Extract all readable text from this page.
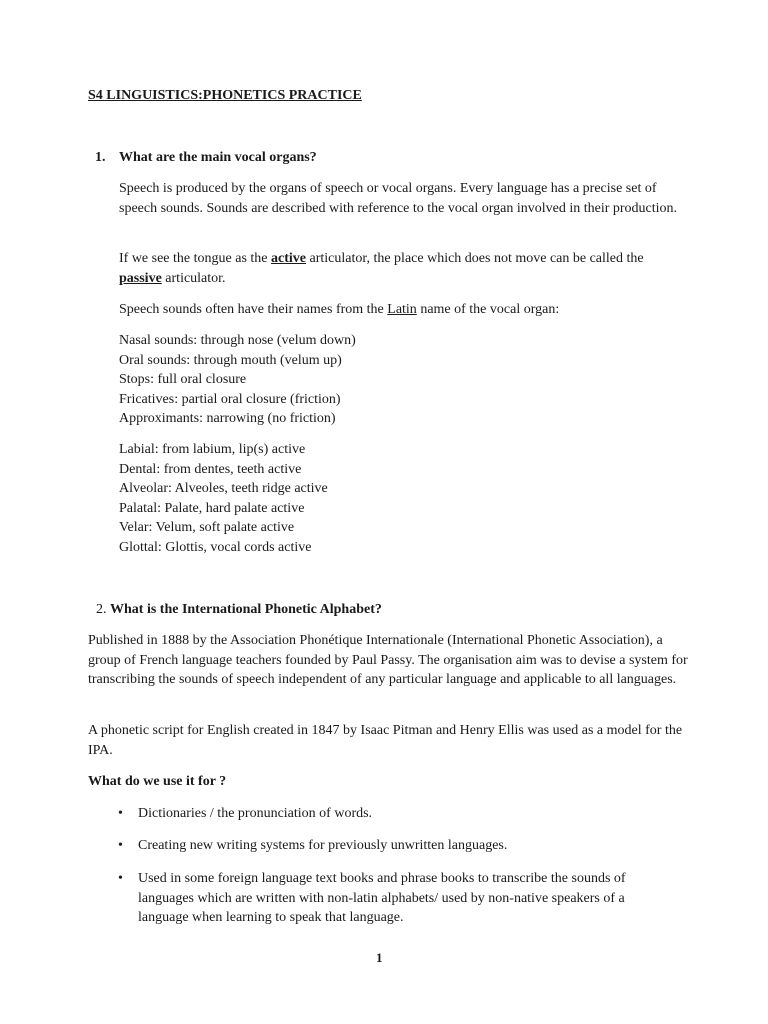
S4 LINGUISTICS:PHONETICS PRACTICE
1. What are the main vocal organs?

Speech is produced by the organs of speech or vocal organs. Every language has a precise set of speech sounds. Sounds are described with reference to the vocal organ involved in their production.

If we see the tongue as the active articulator, the place which does not move can be called the passive articulator.

Speech sounds often have their names from the Latin name of the vocal organ:

Nasal sounds: through nose (velum down)
Oral sounds: through mouth (velum up)
Stops: full oral closure
Fricatives: partial oral closure (friction)
Approximants: narrowing (no friction)
Labial: from labium, lip(s) active
Dental: from dentes, teeth active
Alveolar: Alveoles, teeth ridge active
Palatal: Palate, hard palate active
Velar: Velum, soft palate active
Glottal: Glottis, vocal cords active
2. What is the International Phonetic Alphabet?

Published in 1888 by the Association Phonétique Internationale (International Phonetic Association), a group of French language teachers founded by Paul Passy. The organisation aim was to devise a system for transcribing the sounds of speech independent of any particular language and applicable to all languages.

A phonetic script for English created in 1847 by Isaac Pitman and Henry Ellis was used as a model for the IPA.

What do we use it for ?
• Dictionaries / the pronunciation of words.
• Creating new writing systems for previously unwritten languages.
• Used in some foreign language text books and phrase books to transcribe the sounds of languages which are written with non-latin alphabets/ used by non-native speakers of a language when learning to speak that language.
1
